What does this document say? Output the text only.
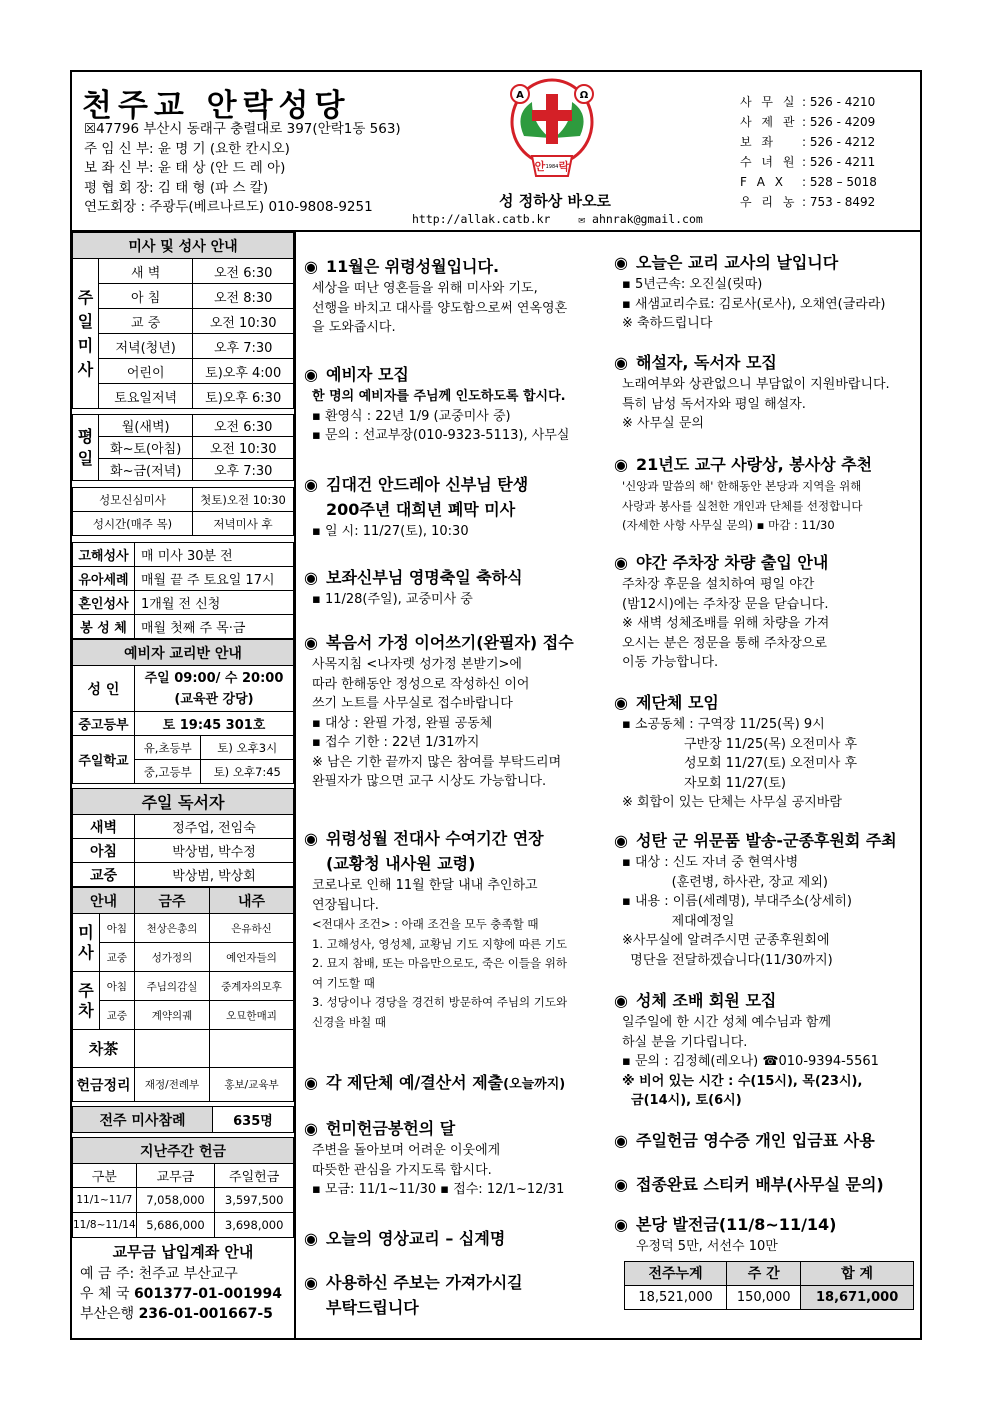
천주교 안락성당
☒47796 부산시 동래구 충렬대로 397(안락1동 563)
주 임 신 부: 윤 명 기 (요한 칸시오)
보 좌 신 부: 윤 태 상 (안 드 레 아)
평 협 회 장: 김 태 형 (파 스 칼)
연도회장 : 주광두(베르나르도) 010-9808-9251
A	Ω
안 락
1984
성 정하상 바오로
http://allak.catb.kr ✉ ahnrak@gmail.com
사 무 실 : 526 - 4210
사 제 관 : 526 - 4209
보 좌	: 526 - 4212
수 녀 원 : 526 - 4211
F A X	: 528 – 5018
우 리 농 : 753 - 8492
미사 및 성사 안내		
주일미사	새 벽	오전 6:30
	아 침	오전 8:30
	교 중	오전 10:30
	저녁(청년)	오후 7:30
	어린이	토)오후 4:00
	토요일저녁	토)오후 6:30

평일	월(새벽)	오전 6:30
	화~토(아침)	오전 10:30
	화~금(저녁)	오후 7:30
성모신심미사	첫토)오전 10:30
성시간(매주 목)	저녁미사 후
고해성사	매 미사 30분 전
유아세례	매월 끝 주 토요일 17시
혼인성사	1개월 전 신청
봉 성 체	매월 첫째 주 목·금
예비자 교리반 안내		
성 인	주일 09:00/ 수 20:00
(교육관 강당)	

중고등부	토 19:45 301호	
주일학교	유,초등부	토) 오후3시
	중,고등부	토) 오후7:45
주일 독서자	
새벽	정주업, 전임숙
아침	박상범, 박수정
교중	박상범, 박상회
안내		금주	내주
미사	아침	천상은총의	은유하신
	교중	성가정의	예언자들의
주차	아침	주님의감실	중계자의모후
	교중	계약의궤	오묘한매괴
차茶			
헌금정리		재정/전례부	홍보/교육부
전주 미사참례	635명
지난주간 헌금		
구분	교무금	주일헌금
11/1~11/7	7,058,000	3,597,500
11/8~11/14	5,686,000	3,698,000
교무금 납입계좌 안내
예 금 주: 천주교 부산교구
우 체 국 601377-01-001994
부산은행 236-01-001667-5
◉ 11월은 위령성월입니다.
세상을 떠난 영혼들을 위해 미사와 기도,
선행을 바치고 대사를 양도함으로써 연옥영혼
을 도와줍시다.
◉ 예비자 모집
한 명의 예비자를 주님께 인도하도록 합시다.
▪ 환영식 : 22년 1/9 (교중미사 중)
▪ 문의 : 선교부장(010-9323-5113), 사무실
◉ 김대건 안드레아 신부님 탄생
200주년 대희년 폐막 미사
▪ 일 시: 11/27(토), 10:30
◉ 보좌신부님 영명축일 축하식
▪ 11/28(주일), 교중미사 중
◉ 복음서 가정 이어쓰기(완필자) 접수
사목지침 <나자렛 성가정 본받기>에
따라 한해동안 정성으로 작성하신 이어
쓰기 노트를 사무실로 접수바랍니다
▪ 대상 : 완필 가정, 완필 공동체
▪ 접수 기한 : 22년 1/31까지
※ 남은 기한 끝까지 많은 참여를 부탁드리며
완필자가 많으면 교구 시상도 가능합니다.
◉ 위령성월 전대사 수여기간 연장
(교황청 내사원 교령)
코로나로 인해 11월 한달 내내 추인하고
연장됩니다.
<전대사 조건> : 아래 조건을 모두 충족할 때
1. 고해성사, 영성체, 교황님 기도 지향에 따른 기도
2. 묘지 참배, 또는 마음만으로도, 죽은 이들을 위하
여 기도할 때
3. 성당이나 경당을 경건히 방문하여 주님의 기도와
신경을 바칠 때
◉ 각 제단체 예/결산서 제출(오늘까지)
◉ 헌미헌금봉헌의 달
주변을 돌아보며 어려운 이웃에게
따뜻한 관심을 가지도록 합시다.
▪ 모금: 11/1~11/30 ▪ 접수: 12/1~12/31
◉ 오늘의 영상교리 – 십계명
◉ 사용하신 주보는 가져가시길
부탁드립니다
◉ 오늘은 교리 교사의 날입니다
▪ 5년근속: 오진실(릿따)
▪ 새샘교리수료: 김로사(로사), 오채연(글라라)
※ 축하드립니다
◉ 해설자, 독서자 모집
노래여부와 상관없으니 부담없이 지원바랍니다.
특히 남성 독서자와 평일 해설자.
※ 사무실 문의
◉ 21년도 교구 사랑상, 봉사상 추천
'신앙과 말씀의 해' 한해동안 본당과 지역을 위해
사랑과 봉사를 실천한 개인과 단체를 선정합니다
(자세한 사항 사무실 문의) ▪ 마감 : 11/30
◉ 야간 주차장 차량 출입 안내
주차장 후문을 설치하여 평일 야간
(밤12시)에는 주차장 문을 닫습니다.
※ 새벽 성체조배를 위해 차량을 가져
오시는 분은 정문을 통해 주차장으로
이동 가능합니다.
◉ 제단체 모임
▪ 소공동체 : 구역장 11/25(목) 9시
구반장 11/25(목) 오전미사 후
성모회 11/27(토) 오전미사 후
자모회 11/27(토)
※ 회합이 있는 단체는 사무실 공지바람
◉ 성탄 군 위문품 발송-군종후원회 주최
▪ 대상 : 신도 자녀 중 현역사병
(훈련병, 하사관, 장교 제외)
▪ 내용 : 이름(세례명), 부대주소(상세히)
제대예정일
※사무실에 알려주시면 군종후원회에
명단을 전달하겠습니다(11/30까지)
◉ 성체 조배 회원 모집
일주일에 한 시간 성체 예수님과 함께
하실 분을 기다립니다.
▪ 문의 : 김정혜(레오나) ☎010-9394-5561
※ 비어 있는 시간 : 수(15시), 목(23시),
금(14시), 토(6시)
◉ 주일헌금 영수증 개인 입금표 사용
◉ 접종완료 스티커 배부(사무실 문의)
◉ 본당 발전금(11/8~11/14)
우정덕 5만, 서선수 10만
전주누계	주 간	합 계
18,521,000	150,000	18,671,000
